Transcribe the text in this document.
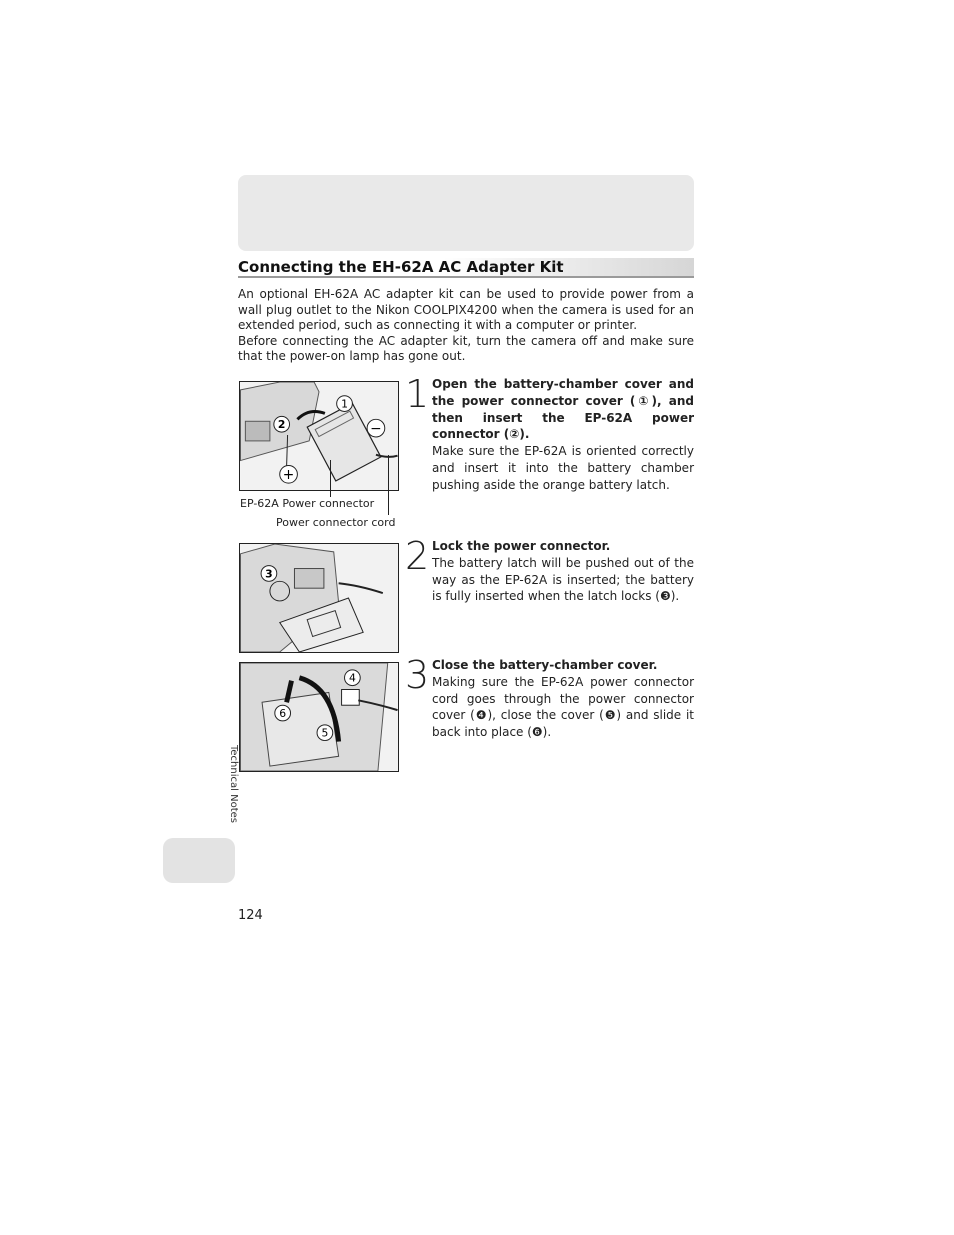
Connecting the EH-62A AC Adapter Kit

An optional EH-62A AC adapter kit can be used to provide power from a wall plug outlet to the Nikon COOLPIX4200 when the camera is used for an extended period, such as connecting it with a computer or printer.

Before connecting the AC adapter kit, turn the camera off and make sure that the power-on lamp has gone out.

1
2	−
+
EP-62A Power connector
Power connector cord
3
4
5
6
1 Open the battery-chamber cover and the power connector cover (①), and then insert the EP-62A power connector (②).
Make sure the EP-62A is oriented correctly and insert it into the battery chamber pushing aside the orange battery latch.
2 Lock the power connector.
The battery latch will be pushed out of the way as the EP-62A is inserted; the battery is fully inserted when the latch locks (❸).
3 Close the battery-chamber cover.
Making sure the EP-62A power connector cord goes through the power connector cover (❹), close the cover (❺) and slide it back into place (❻).
Technical Notes
124
